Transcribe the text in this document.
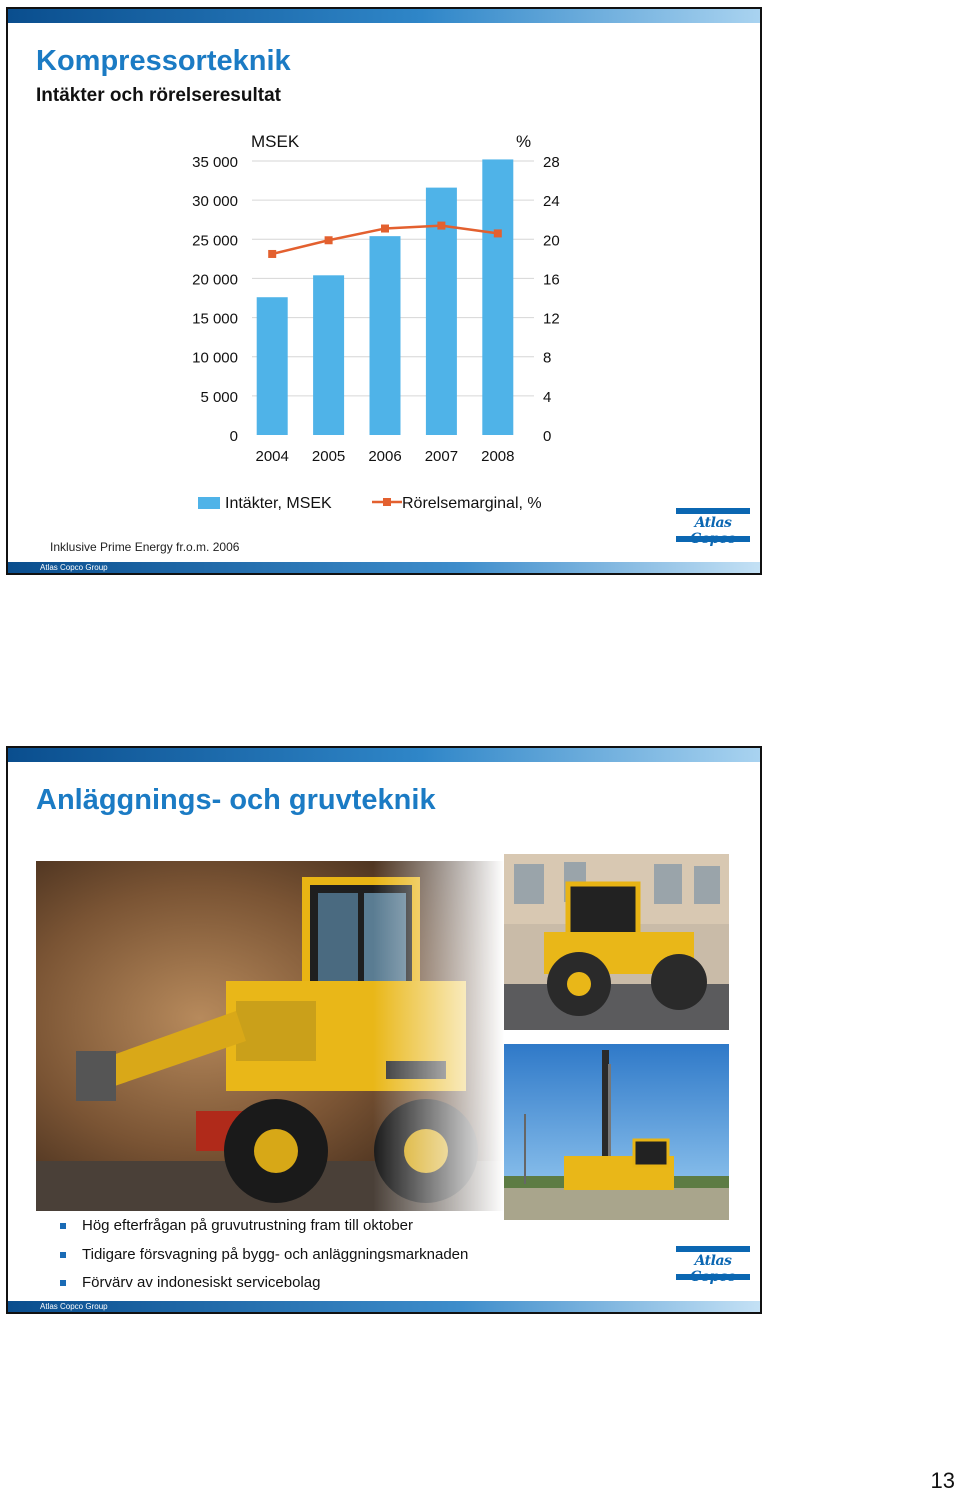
Kompressorteknik
Intäkter och rörelseresultat
MSEK	%
35 000
30 000
25 000
20 000
15 000
10 000
5 000
0
28
24
20
16
12
8
4
0
2004 2005 2006 2007 2008
Intäkter, MSEK	Rörelsemarginal, %
Inklusive Prime Energy fr.o.m. 2006
Atlas
Atlas Copco Group
Anläggnings- och gruvteknik
Hög efterfrågan på gruvutrustning fram till oktober
Tidigare försvagning på bygg- och anläggningsmarknaden
Förvärv av indonesiskt servicebolag
Atlas
Atlas Copco Group
13
